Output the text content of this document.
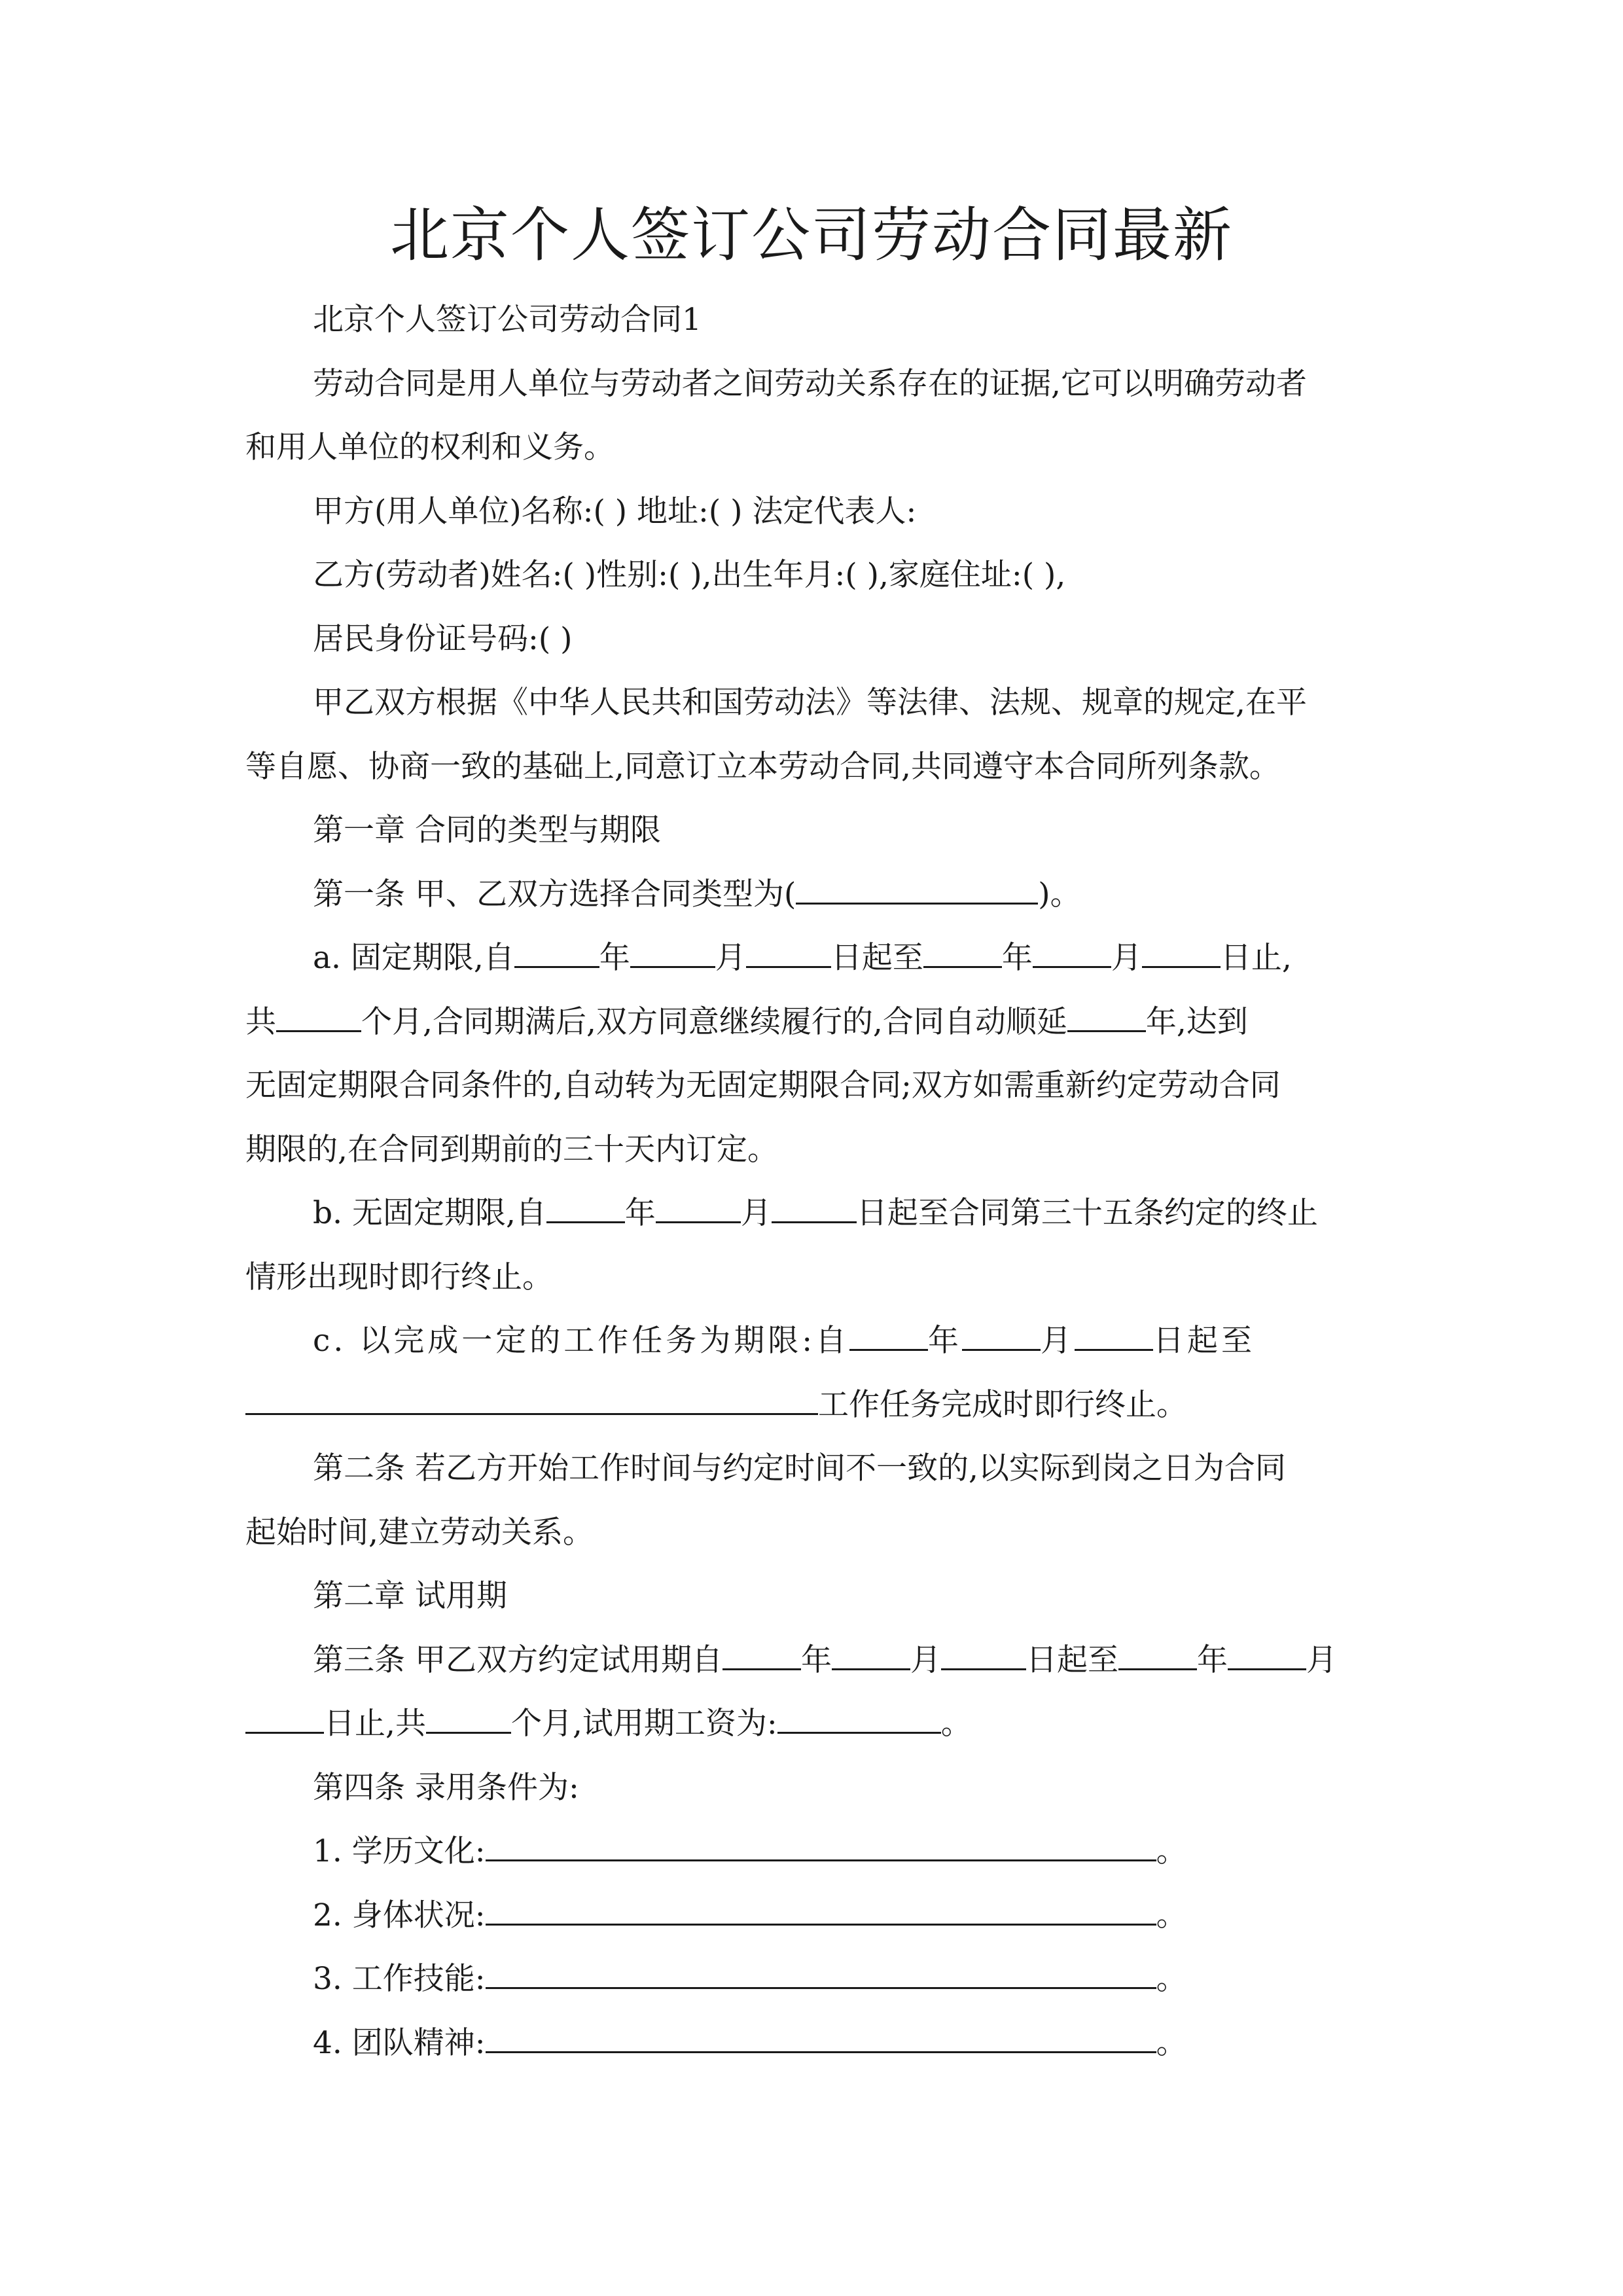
北京个人签订公司劳动合同最新

北京个人签订公司劳动合同1

劳动合同是用人单位与劳动者之间劳动关系存在的证据,它可以明确劳动者

和用人单位的权利和义务。

甲方(用人单位)名称:( ) 地址:( ) 法定代表人:

乙方(劳动者)姓名:( )性别:( ),出生年月:( ),家庭住址:( ),

居民身份证号码:( )

甲乙双方根据《中华人民共和国劳动法》等法律、法规、规章的规定,在平

等自愿、协商一致的基础上,同意订立本劳动合同,共同遵守本合同所列条款。

第一章 合同的类型与期限

第一条 甲、乙双方选择合同类型为(	)。

a. 固定期限,自	年	月	日起至	年	月	日止,

共	个月,合同期满后,双方同意继续履行的,合同自动顺延	年,达到

无固定期限合同条件的,自动转为无固定期限合同;双方如需重新约定劳动合同

期限的,在合同到期前的三十天内订定。

b. 无固定期限,自	年	月	日起至合同第三十五条约定的终止

情形出现时即行终止。

c. 以完成一定的工作任务为期限:自	年	月	日起至

工作任务完成时即行终止。

第二条 若乙方开始工作时间与约定时间不一致的,以实际到岗之日为合同

起始时间,建立劳动关系。

第二章 试用期

第三条 甲乙双方约定试用期自	年	月	日起至	年	月

日止,共	个月,试用期工资为:	。

第四条 录用条件为:

1. 学历文化:	。

2. 身体状况:	。

3. 工作技能:	。

4. 团队精神:	。
